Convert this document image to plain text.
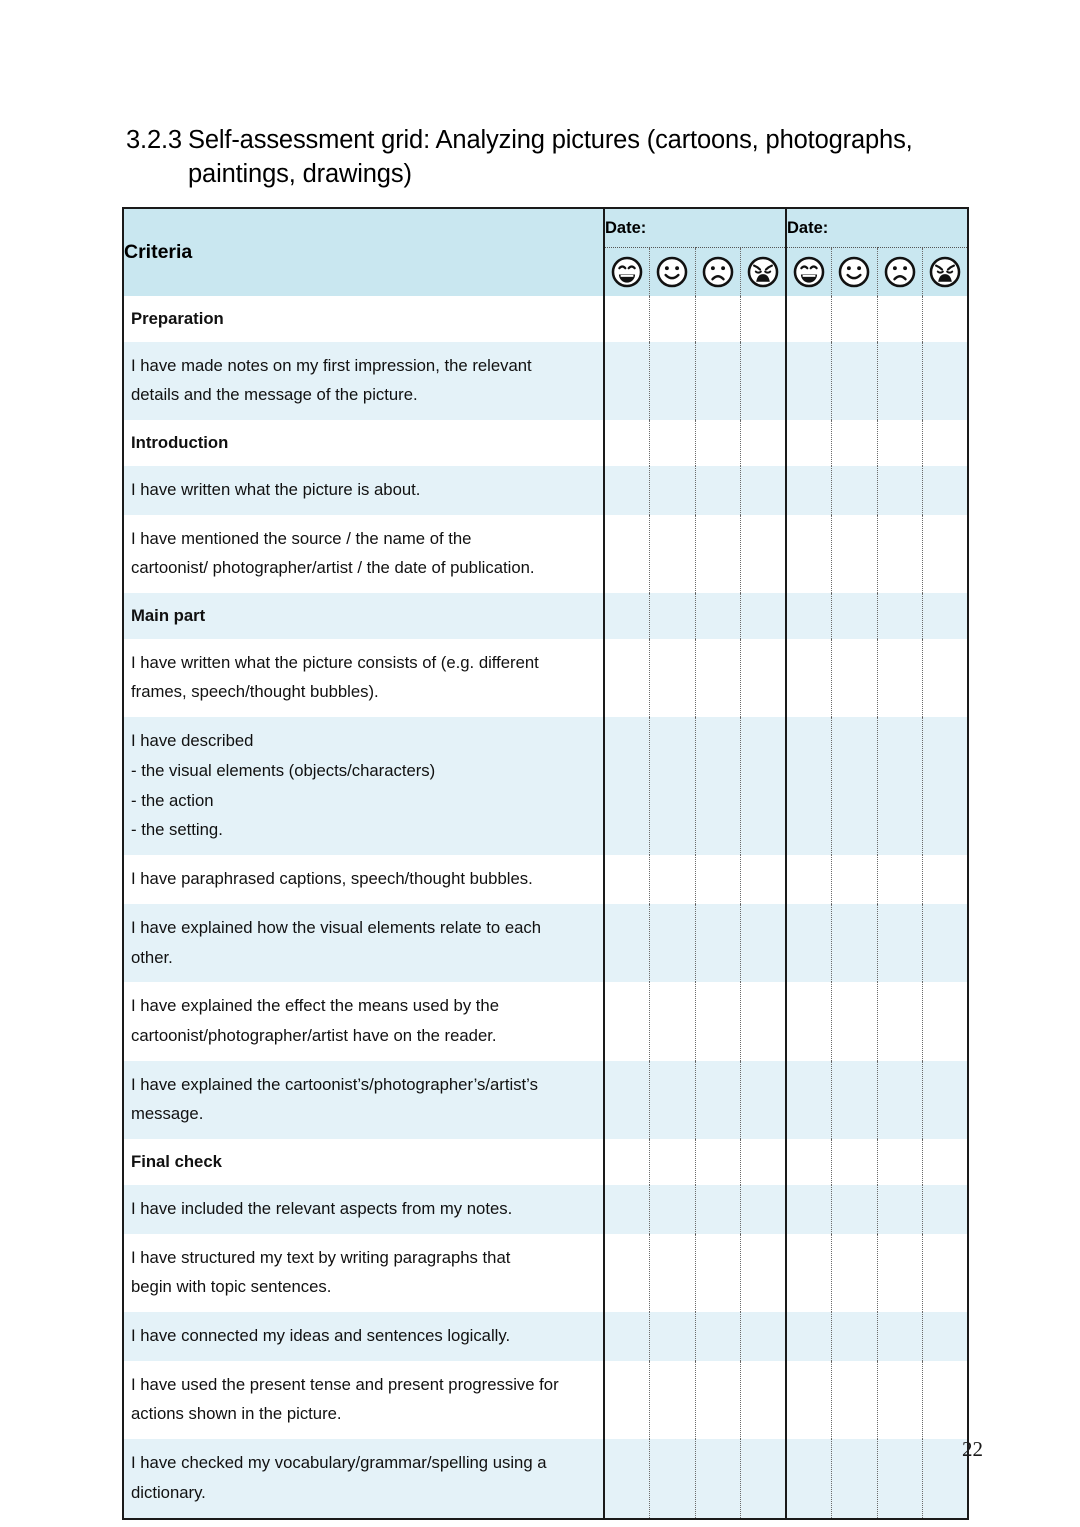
3.2.3 Self-assessment grid: Analyzing pictures (cartoons, photographs,
paintings, drawings)
Criteria	Date:				Date:			

Preparation								

I have made notes on my first impression, the relevant
details and the message of the picture.								

Introduction								

I have written what the picture is about.								

I have mentioned the source / the name of the
cartoonist/ photographer/artist / the date of publication.								

Main part								

I have written what the picture consists of (e.g. different
frames, speech/thought bubbles).								

I have described
- the visual elements (objects/characters)
- the action
- the setting.								

I have paraphrased captions, speech/thought bubbles.								

I have explained how the visual elements relate to each
other.								

I have explained the effect the means used by the
cartoonist/photographer/artist have on the reader.								

I have explained the cartoonist’s/photographer’s/artist’s
message.								

Final check								

I have included the relevant aspects from my notes.								

I have structured my text by writing paragraphs that
begin with topic sentences.								

I have connected my ideas and sentences logically.								

I have used the present tense and present progressive for
actions shown in the picture.								

I have checked my vocabulary/grammar/spelling using a
dictionary.								

22
